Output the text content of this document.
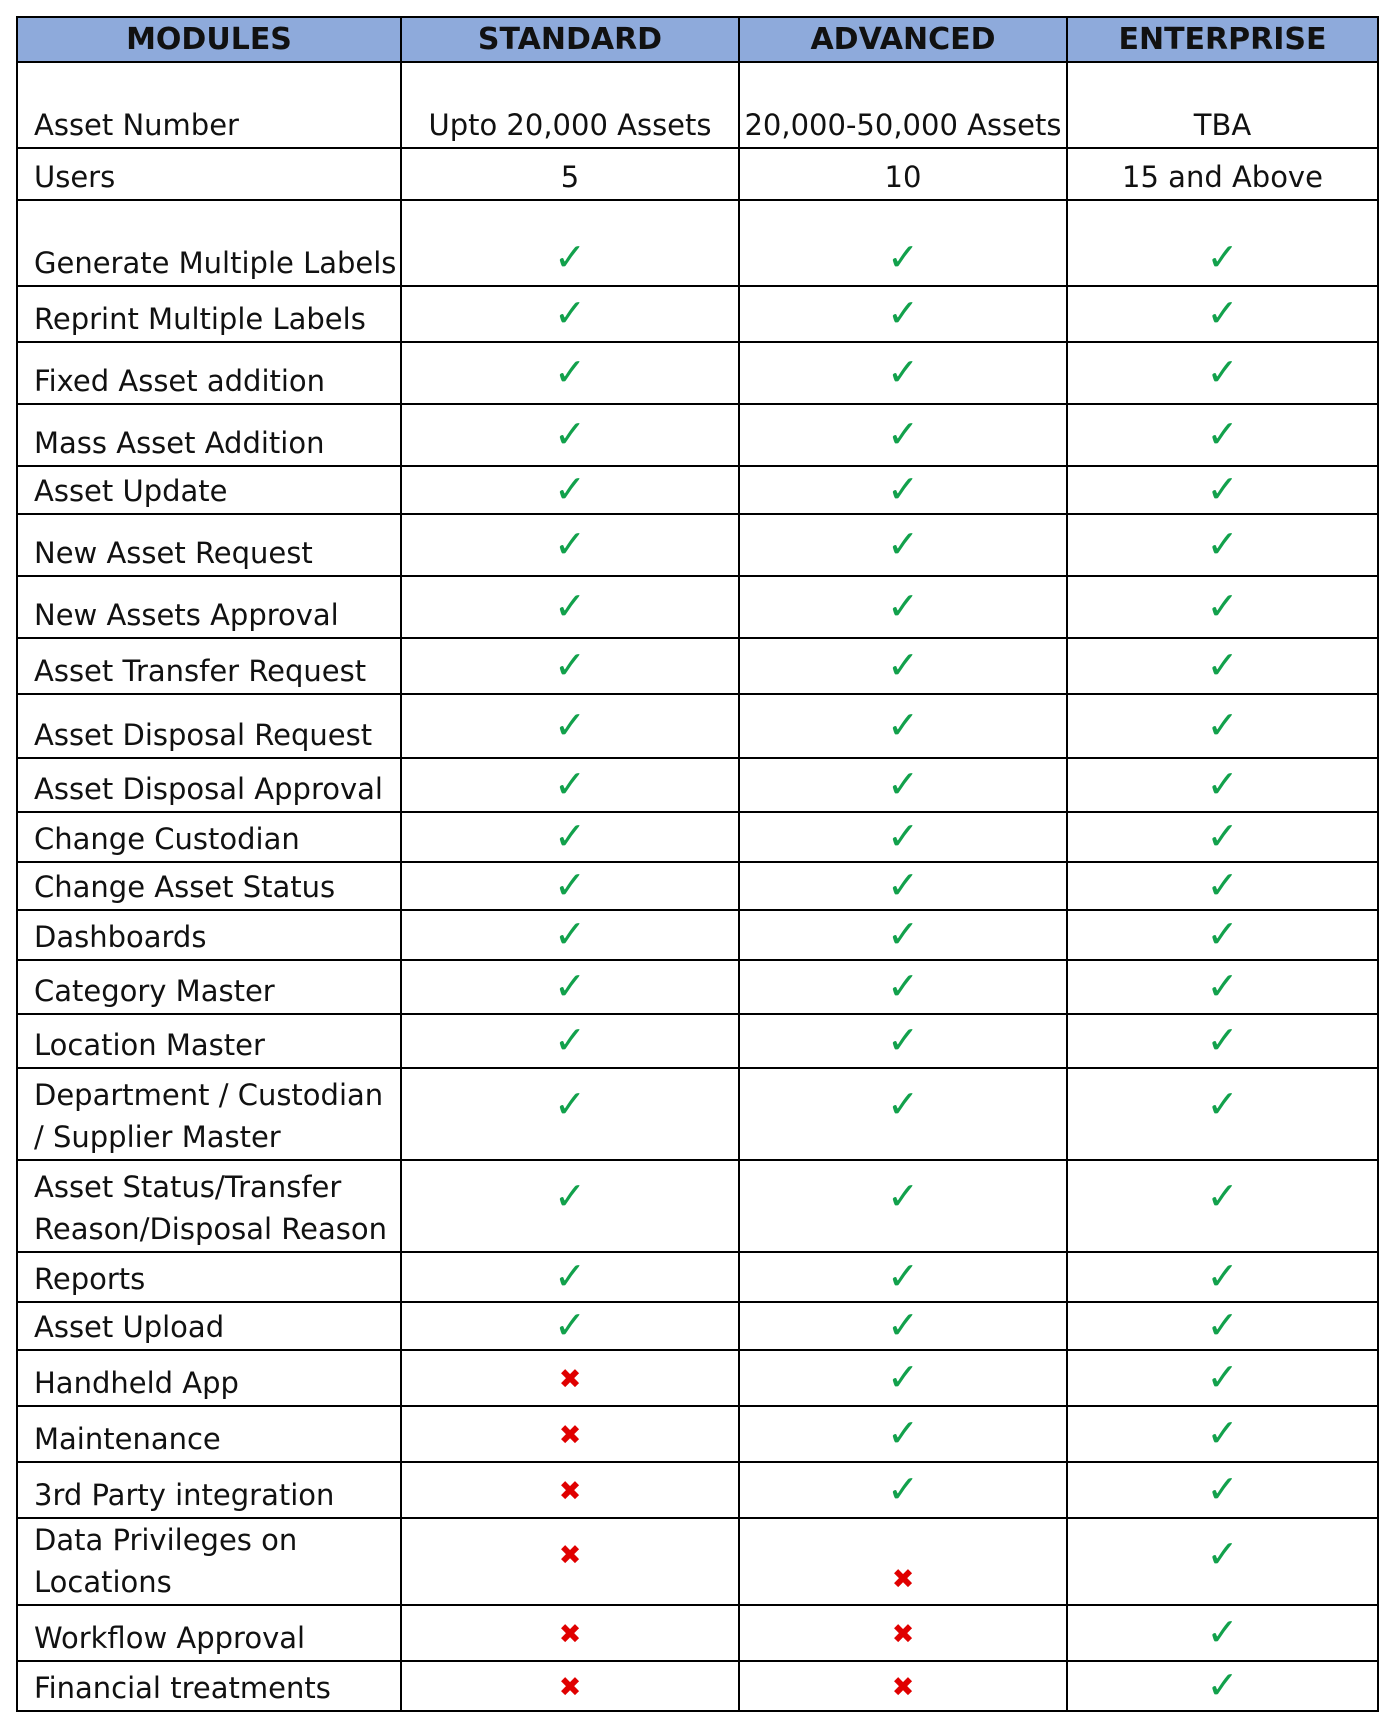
MODULES	STANDARD	ADVANCED	ENTERPRISE
Asset Number	Upto 20,000 Assets	20,000-50,000 Assets	TBA
Users	5	10	15 and Above
Generate Multiple Labels	✓	✓	✓
Reprint Multiple Labels	✓	✓	✓
Fixed Asset addition	✓	✓	✓
Mass Asset Addition	✓	✓	✓
Asset Update	✓	✓	✓
New Asset Request	✓	✓	✓
New Assets Approval	✓	✓	✓
Asset Transfer Request	✓	✓	✓
Asset Disposal Request	✓	✓	✓
Asset Disposal Approval	✓	✓	✓
Change Custodian	✓	✓	✓
Change Asset Status	✓	✓	✓
Dashboards	✓	✓	✓
Category Master	✓	✓	✓
Location Master	✓	✓	✓
Department / Custodian / Supplier Master	✓	✓	✓
Asset Status/Transfer Reason/Disposal Reason	✓	✓	✓
Reports	✓	✓	✓
Asset Upload	✓	✓	✓
Handheld App	✖	✓	✓
Maintenance	✖	✓	✓
3rd Party integration	✖	✓	✓
Data Privileges on Locations	✖	✖	✓
Workflow Approval	✖	✖	✓
Financial treatments	✖	✖	✓
